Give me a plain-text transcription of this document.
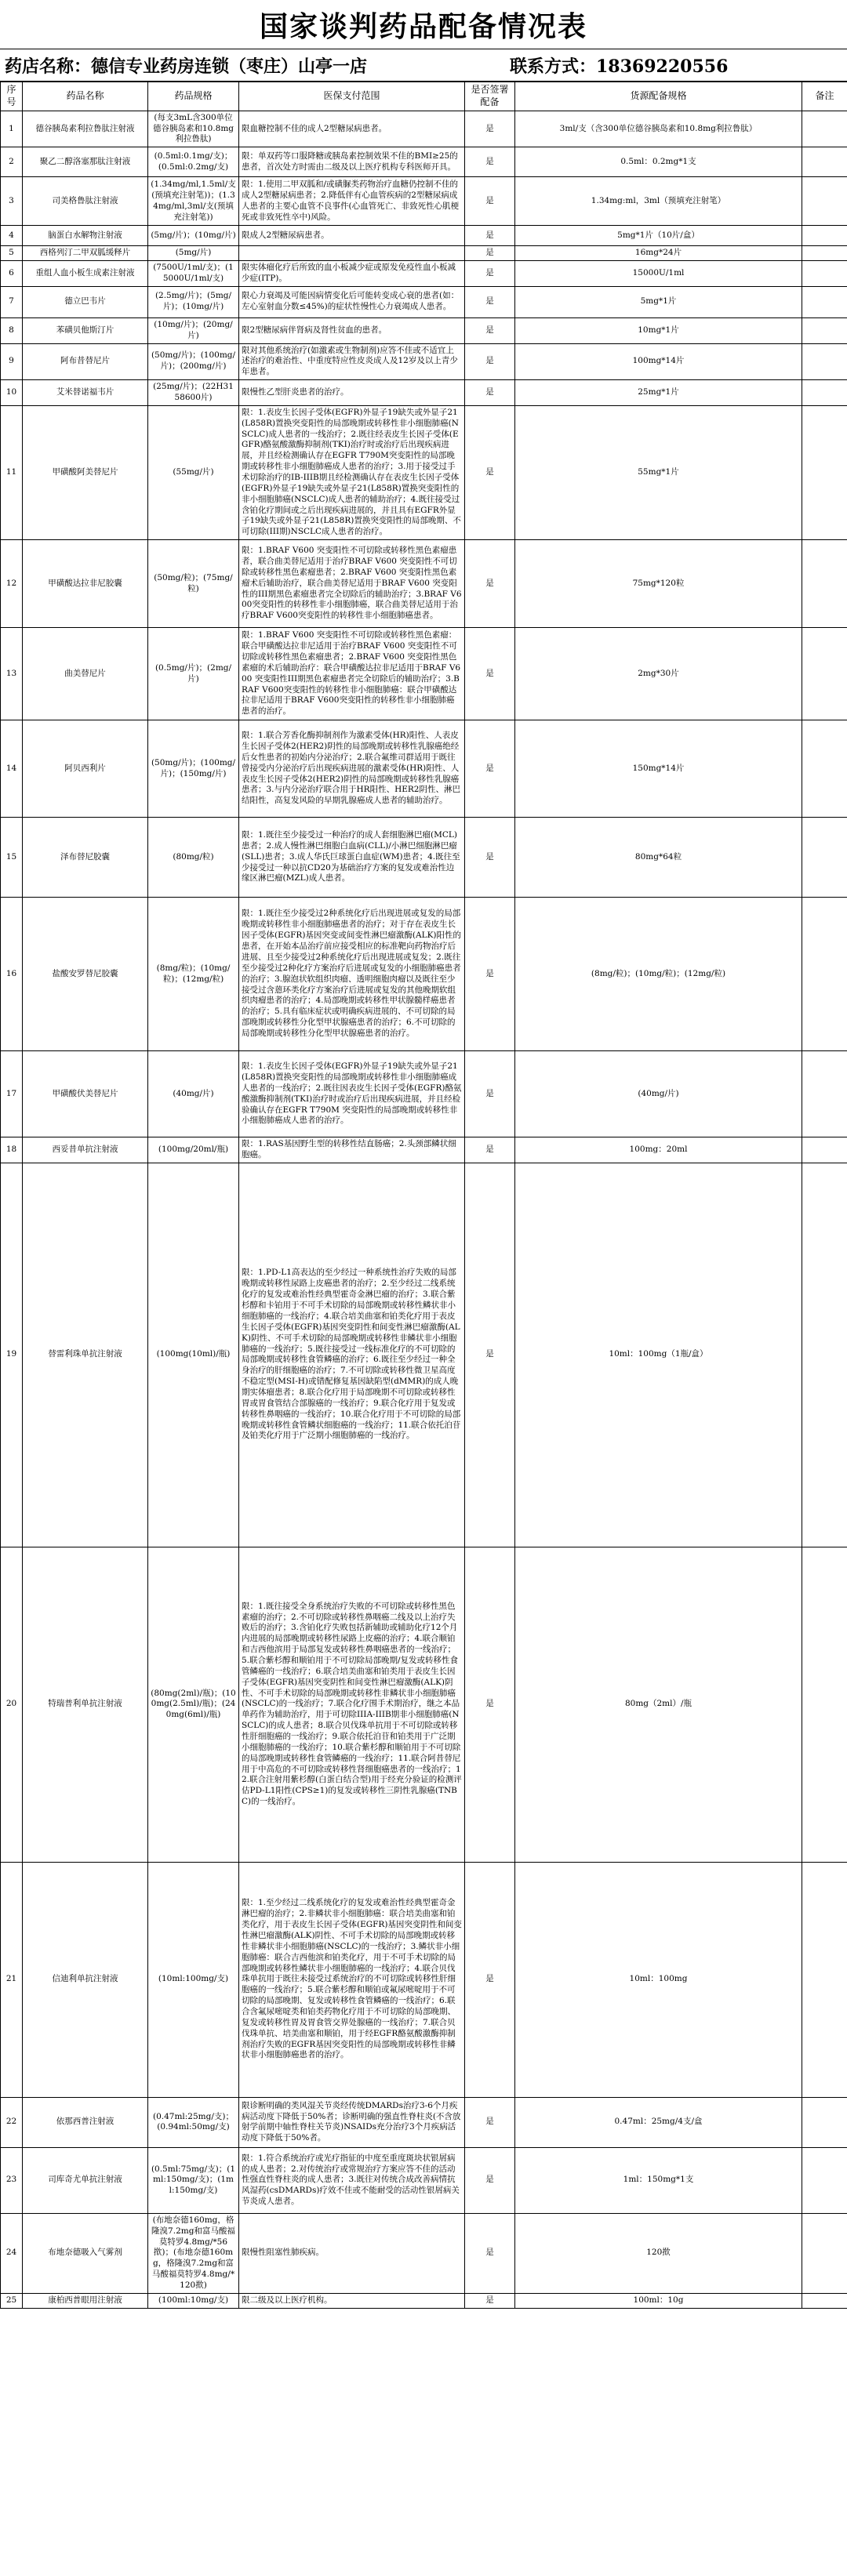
国家谈判药品配备情况表
药店名称：德信专业药房连锁（枣庄）山亭一店	联系方式：18369220556
序号	药品名称	药品规格	医保支付范围	是否签署配备	货源配备规格	备注
1	德谷胰岛素利拉鲁肽注射液	(每支3mL含300单位德谷胰岛素和10.8mg利拉鲁肽)	限血糖控制不佳的成人2型糖尿病患者。	是	3ml/支（含300单位德谷胰岛素和10.8mg利拉鲁肽）	
2	聚乙二醇洛塞那肽注射液	(0.5ml:0.1mg/支)；(0.5ml:0.2mg/支)	限：单双药等口服降糖或胰岛素控制效果不佳的BMI≥25的患者，首次处方时需由二级及以上医疗机构专科医师开具。	是	0.5ml：0.2mg*1支	
3	司美格鲁肽注射液	(1.34mg/ml,1.5ml/支(预填充注射笔))；(1.34mg/ml,3ml/支(预填充注射笔))	限：1.使用二甲双胍和/或磺脲类药物治疗血糖仍控制不佳的成人2型糖尿病患者；2.降低伴有心血管疾病的2型糖尿病成人患者的主要心血管不良事件(心血管死亡、非致死性心肌梗死或非致死性卒中)风险。	是	1.34mg:ml，3ml（预填充注射笔）	
4	脑蛋白水解物注射液	(5mg/片)；(10mg/片)	限成人2型糖尿病患者。	是	5mg*1片（10片/盒）	
5	西格列汀二甲双胍缓释片	(5mg/片)		是	16mg*24片	
6	重组人血小板生成素注射液	(7500U/1ml/支)；(15000U/1ml/支)	限实体瘤化疗后所致的血小板减少症或原发免疫性血小板减少症(ITP)。	是	15000U/1ml	
7	德立巴韦片	(2.5mg/片)；(5mg/片)；(10mg/片)	限心力衰竭及可能因病情变化后可能转变成心衰的患者(如：左心室射血分数≤45%)的症状性慢性心力衰竭成人患者。	是	5mg*1片	
8	苯磺贝他斯汀片	(10mg/片)；(20mg/片)	限2型糖尿病伴肾病及肾性贫血的患者。	是	10mg*1片	
9	阿布昔替尼片	(50mg/片)；(100mg/片)；(200mg/片)	限对其他系统治疗(如激素或生物制剂)应答不佳或不适宜上述治疗的难治性、中重度特应性皮炎成人及12岁及以上青少年患者。	是	100mg*14片	
10	艾米替诺福韦片	(25mg/片)；(22H3158600片)	限慢性乙型肝炎患者的治疗。	是	25mg*1片	
11	甲磺酸阿美替尼片	(55mg/片)	限：1.表皮生长因子受体(EGFR)外显子19缺失或外显子21(L858R)置换突变阳性的局部晚期或转移性非小细胞肺癌(NSCLC)成人患者的一线治疗；2.既往经表皮生长因子受体(EGFR)酪氨酸激酶抑制剂(TKI)治疗时或治疗后出现疾病进展，并且经检测确认存在EGFR T790M突变阳性的局部晚期或转移性非小细胞肺癌成人患者的治疗；3.用于接受过手术切除治疗的IB-IIIB期且经检测确认存在表皮生长因子受体(EGFR)外显子19缺失或外显子21(L858R)置换突变阳性的非小细胞肺癌(NSCLC)成人患者的辅助治疗；4.既往接受过含铂化疗期间或之后出现疾病进展的，并且具有EGFR外显子19缺失或外显子21(L858R)置换突变阳性的局部晚期、不可切除(III期)NSCLC成人患者的治疗。	是	55mg*1片	
12	甲磺酸达拉非尼胶囊	(50mg/粒)；(75mg/粒)	限：1.BRAF V600 突变阳性不可切除或转移性黑色素瘤患者，联合曲美替尼适用于治疗BRAF V600 突变阳性不可切除或转移性黑色素瘤患者；2.BRAF V600 突变阳性黑色素瘤术后辅助治疗，联合曲美替尼适用于BRAF V600 突变阳性的III期黑色素瘤患者完全切除后的辅助治疗；3.BRAF V600突变阳性的转移性非小细胞肺癌，联合曲美替尼适用于治疗BRAF V600突变阳性的转移性非小细胞肺癌患者。	是	75mg*120粒	
13	曲美替尼片	(0.5mg/片)；(2mg/片)	限：1.BRAF V600 突变阳性不可切除或转移性黑色素瘤：联合甲磺酸达拉非尼适用于治疗BRAF V600 突变阳性不可切除或转移性黑色素瘤患者；2.BRAF V600 突变阳性黑色素瘤的术后辅助治疗：联合甲磺酸达拉非尼适用于BRAF V600 突变阳性III期黑色素瘤患者完全切除后的辅助治疗；3.BRAF V600突变阳性的转移性非小细胞肺癌：联合甲磺酸达拉非尼适用于BRAF V600突变阳性的转移性非小细胞肺癌患者的治疗。	是	2mg*30片	
14	阿贝西利片	(50mg/片)；(100mg/片)；(150mg/片)	限：1.联合芳香化酶抑制剂作为激素受体(HR)阳性、人表皮生长因子受体2(HER2)阴性的局部晚期或转移性乳腺癌绝经后女性患者的初始内分泌治疗；2.联合氟维司群适用于既往曾接受内分泌治疗后出现疾病进展的激素受体(HR)阳性、人表皮生长因子受体2(HER2)阴性的局部晚期或转移性乳腺癌患者；3.与内分泌治疗联合用于HR阳性、HER2阴性、淋巴结阳性，高复发风险的早期乳腺癌成人患者的辅助治疗。	是	150mg*14片	
15	泽布替尼胶囊	(80mg/粒)	限：1.既往至少接受过一种治疗的成人套细胞淋巴瘤(MCL)患者；2.成人慢性淋巴细胞白血病(CLL)/小淋巴细胞淋巴瘤(SLL)患者；3.成人华氏巨球蛋白血症(WM)患者；4.既往至少接受过一种以抗CD20为基础治疗方案的复发或难治性边缘区淋巴瘤(MZL)成人患者。	是	80mg*64粒	
16	盐酸安罗替尼胶囊	(8mg/粒)；(10mg/粒)；(12mg/粒)	限：1.既往至少接受过2种系统化疗后出现进展或复发的局部晚期或转移性非小细胞肺癌患者的治疗；对于存在表皮生长因子受体(EGFR)基因突变或间变性淋巴瘤激酶(ALK)阳性的患者，在开始本品治疗前应接受相应的标准靶向药物治疗后进展、且至少接受过2种系统化疗后出现进展或复发；2.既往至少接受过2种化疗方案治疗后进展或复发的小细胞肺癌患者的治疗；3.腺泡状软组织肉瘤、透明细胞肉瘤以及既往至少接受过含蒽环类化疗方案治疗后进展或复发的其他晚期软组织肉瘤患者的治疗；4.局部晚期或转移性甲状腺髓样癌患者的治疗；5.具有临床症状或明确疾病进展的、不可切除的局部晚期或转移性分化型甲状腺癌患者的治疗；6.不可切除的局部晚期或转移性分化型甲状腺癌患者的治疗。	是	(8mg/粒)；(10mg/粒)；(12mg/粒)	
17	甲磺酸伏美替尼片	(40mg/片)	限：1.表皮生长因子受体(EGFR)外显子19缺失或外显子21(L858R)置换突变阳性的局部晚期或转移性非小细胞肺癌成人患者的一线治疗；2.既往因表皮生长因子受体(EGFR)酪氨酸激酶抑制剂(TKI)治疗时或治疗后出现疾病进展，并且经检验确认存在EGFR T790M 突变阳性的局部晚期或转移性非小细胞肺癌成人患者的治疗。	是	(40mg/片)	
18	西妥昔单抗注射液	(100mg/20ml/瓶)	限：1.RAS基因野生型的转移性结直肠癌；2.头颈部鳞状细胞癌。	是	100mg：20ml	
19	替雷利珠单抗注射液	(100mg(10ml)/瓶)	限：1.PD-L1高表达的至少经过一种系统性治疗失败的局部晚期或转移性尿路上皮癌患者的治疗；2.至少经过二线系统化疗的复发或难治性经典型霍奇金淋巴瘤的治疗；3.联合紫杉醇和卡铂用于不可手术切除的局部晚期或转移性鳞状非小细胞肺癌的一线治疗；4.联合培美曲塞和铂类化疗用于表皮生长因子受体(EGFR)基因突变阴性和间变性淋巴瘤激酶(ALK)阴性、不可手术切除的局部晚期或转移性非鳞状非小细胞肺癌的一线治疗；5.既往接受过一线标准化疗的不可切除的局部晚期或转移性食管鳞癌的治疗；6.既往至少经过一种全身治疗的肝细胞癌的治疗；7.不可切除或转移性微卫星高度不稳定型(MSI-H)或错配修复基因缺陷型(dMMR)的成人晚期实体瘤患者；8.联合化疗用于局部晚期不可切除或转移性胃或胃食管结合部腺癌的一线治疗；9.联合化疗用于复发或转移性鼻咽癌的一线治疗；10.联合化疗用于不可切除的局部晚期或转移性食管鳞状细胞癌的一线治疗；11.联合依托泊苷及铂类化疗用于广泛期小细胞肺癌的一线治疗。	是	10ml：100mg（1瓶/盒）	
20	特瑞普利单抗注射液	(80mg(2ml)/瓶)；(100mg(2.5ml)/瓶)；(240mg(6ml)/瓶)	限：1.既往接受全身系统治疗失败的不可切除或转移性黑色素瘤的治疗；2.不可切除或转移性鼻咽癌二线及以上治疗失败后的治疗；3.含铂化疗失败包括新辅助或辅助化疗12个月内进展的局部晚期或转移性尿路上皮癌的治疗；4.联合顺铂和吉西他滨用于局部复发或转移性鼻咽癌患者的一线治疗；5.联合紫杉醇和顺铂用于不可切除局部晚期/复发或转移性食管鳞癌的一线治疗；6.联合培美曲塞和铂类用于表皮生长因子受体(EGFR)基因突变阴性和间变性淋巴瘤激酶(ALK)阴性、不可手术切除的局部晚期或转移性非鳞状非小细胞肺癌(NSCLC)的一线治疗；7.联合化疗围手术期治疗，继之本品单药作为辅助治疗，用于可切除IIIA-IIIB期非小细胞肺癌(NSCLC)的成人患者；8.联合贝伐珠单抗用于不可切除或转移性肝细胞癌的一线治疗；9.联合依托泊苷和铂类用于广泛期小细胞肺癌的一线治疗；10.联合紫杉醇和顺铂用于不可切除的局部晚期或转移性食管鳞癌的一线治疗；11.联合阿昔替尼用于中高危的不可切除或转移性肾细胞癌患者的一线治疗；12.联合注射用紫杉醇(白蛋白结合型)用于经充分验证的检测评估PD-L1阳性(CPS≥1)的复发或转移性三阴性乳腺癌(TNBC)的一线治疗。	是	80mg（2ml）/瓶	
21	信迪利单抗注射液	(10ml:100mg/支)	限：1.至少经过二线系统化疗的复发或难治性经典型霍奇金淋巴瘤的治疗；2.非鳞状非小细胞肺癌：联合培美曲塞和铂类化疗，用于表皮生长因子受体(EGFR)基因突变阴性和间变性淋巴瘤激酶(ALK)阴性、不可手术切除的局部晚期或转移性非鳞状非小细胞肺癌(NSCLC)的一线治疗；3.鳞状非小细胞肺癌：联合吉西他滨和铂类化疗，用于不可手术切除的局部晚期或转移性鳞状非小细胞肺癌的一线治疗；4.联合贝伐珠单抗用于既往未接受过系统治疗的不可切除或转移性肝细胞癌的一线治疗；5.联合紫杉醇和顺铂或氟尿嘧啶用于不可切除的局部晚期、复发或转移性食管鳞癌的一线治疗；6.联合含氟尿嘧啶类和铂类药物化疗用于不可切除的局部晚期、复发或转移性胃及胃食管交界处腺癌的一线治疗；7.联合贝伐珠单抗、培美曲塞和顺铂，用于经EGFR酪氨酸激酶抑制剂治疗失败的EGFR基因突变阳性的局部晚期或转移性非鳞状非小细胞肺癌患者的治疗。	是	10ml：100mg	
22	依那西普注射液	(0.47ml:25mg/支)；(0.94ml:50mg/支)	限诊断明确的类风湿关节炎经传统DMARDs治疗3-6个月疾病活动度下降低于50%者；诊断明确的强直性脊柱炎(不含放射学前期中轴性脊柱关节炎)NSAIDs充分治疗3个月疾病活动度下降低于50%者。	是	0.47ml：25mg/4支/盒	
23	司库奇尤单抗注射液	(0.5ml:75mg/支)；(1ml:150mg/支)；(1ml:150mg/支)	限：1.符合系统治疗或光疗指征的中度至重度斑块状银屑病的成人患者；2.对传统治疗或常规治疗方案应答不佳的活动性强直性脊柱炎的成人患者；3.既往对传统合成改善病情抗风湿药(csDMARDs)疗效不佳或不能耐受的活动性银屑病关节炎成人患者。	是	1ml：150mg*1支	
24	布地奈德吸入气雾剂	(布地奈德160mg，格隆溴7.2mg和富马酸福莫特罗4.8mg/*56揿)；(布地奈德160mg，格隆溴7.2mg和富马酸福莫特罗4.8mg/*120揿)	限慢性阻塞性肺疾病。	是	120揿	
25	康柏西普眼用注射液	(100ml:10mg/支)	限二级及以上医疗机构。	是	100ml：10g	
